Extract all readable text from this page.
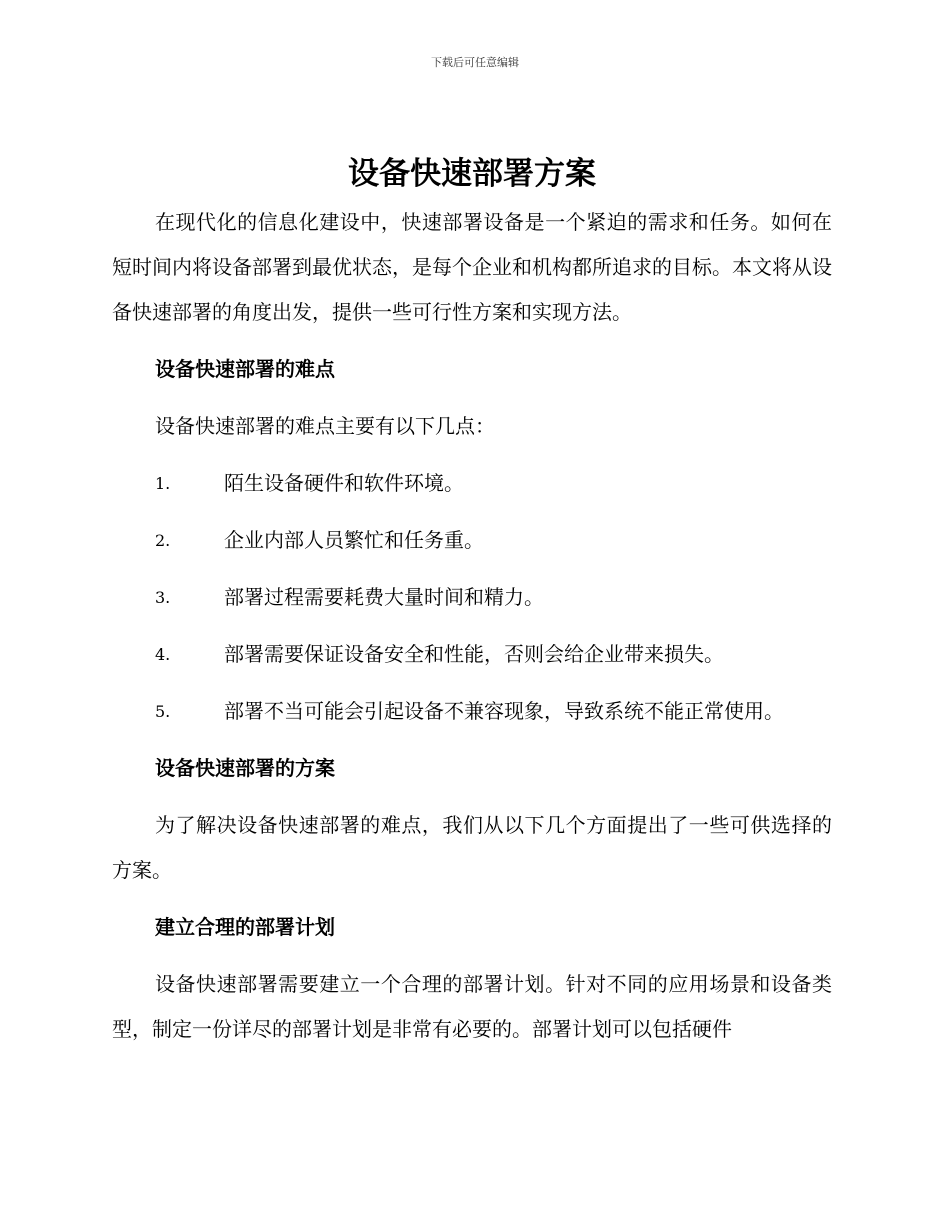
下载后可任意编辑
设备快速部署方案

在现代化的信息化建设中，快速部署设备是一个紧迫的需求和任务。如何在短时间内将设备部署到最优状态，是每个企业和机构都所追求的目标。本文将从设备快速部署的角度出发，提供一些可行性方案和实现方法。

设备快速部署的难点

设备快速部署的难点主要有以下几点：

1.	陌生设备硬件和软件环境。
2.	企业内部人员繁忙和任务重。
3.	部署过程需要耗费大量时间和精力。
4.	部署需要保证设备安全和性能，否则会给企业带来损失。
5.	部署不当可能会引起设备不兼容现象，导致系统不能正常使用。

设备快速部署的方案

为了解决设备快速部署的难点，我们从以下几个方面提出了一些可供选择的方案。

建立合理的部署计划

设备快速部署需要建立一个合理的部署计划。针对不同的应用场景和设备类型，制定一份详尽的部署计划是非常有必要的。部署计划可以包括硬件
